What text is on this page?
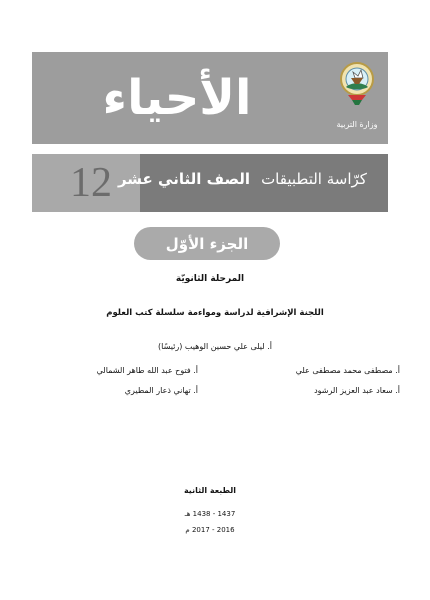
الأحياء	وزارة التربية
12 الصف الثاني عشر كرّاسة التطبيقات
الجزء الأوّل
المرحلة الثانويّة
اللجنة الإشرافية لدراسة ومواءمة سلسلة كتب العلوم
أ. ليلى علي حسين الوهيب (رئيسًا)
أ. مصطفى محمد مصطفى علي
أ. فتوح عبد الله طاهر الشمالي
أ. سعاد عبد العزيز الرشود
أ. تهاني ذعار المطيري
الطبعة الثانية
1437 - 1438 هـ
2016 - 2017 م
